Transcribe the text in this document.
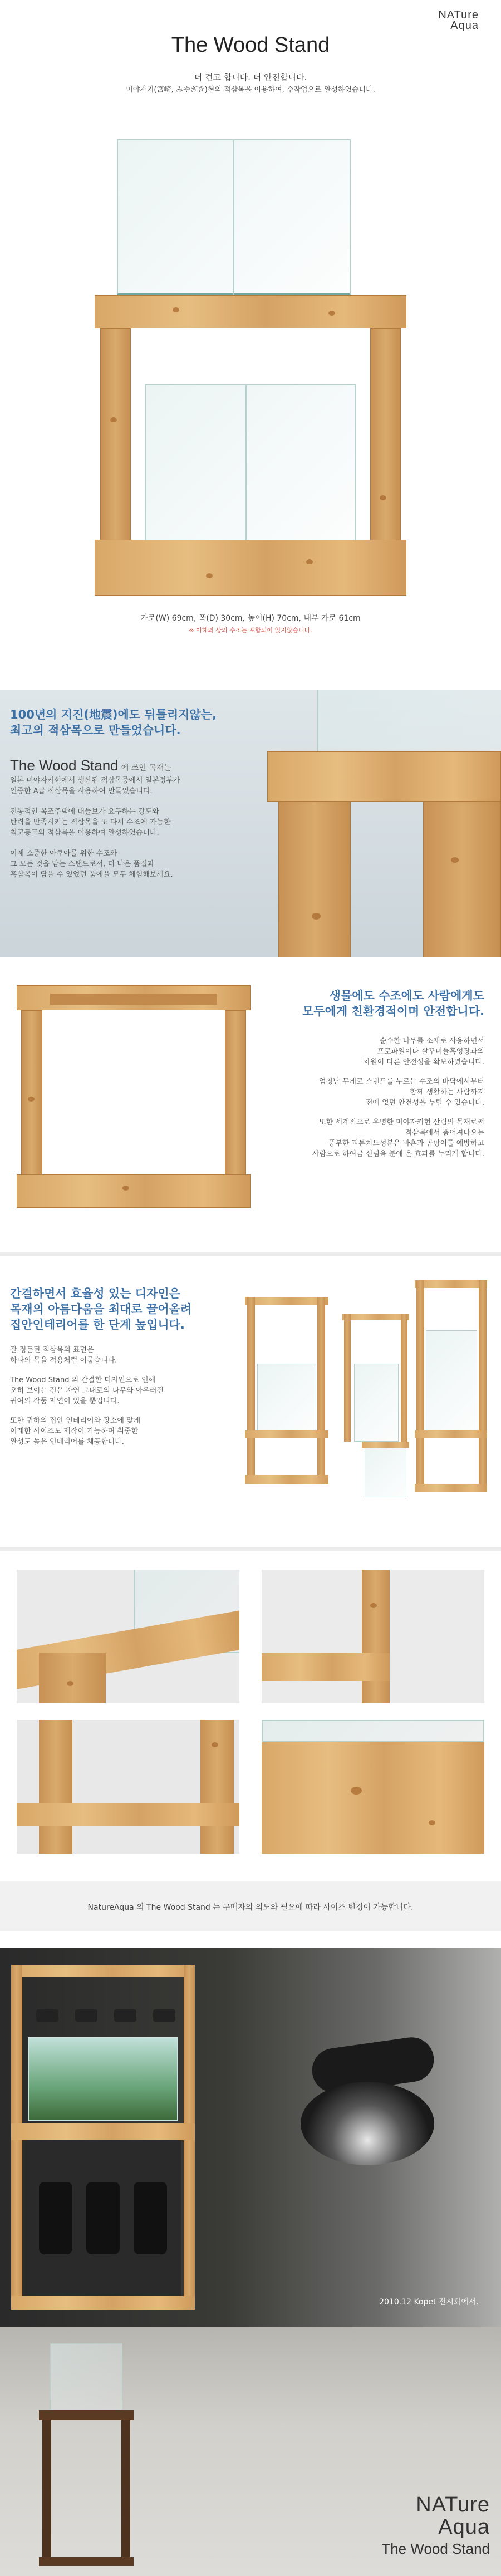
NATure
Aqua
The Wood Stand
더 견고 합니다. 더 안전합니다.
미야자키(宮崎, みやざき)현의 적삼목을 이용하여, 수작업으로 완성하였습니다.
가로(W) 69cm, 폭(D) 30cm, 높이(H) 70cm, 내부 가로 61cm
※ 이해의 상의 수조는 포함되어 있지않습니다.
100년의 지진(地震)에도 뒤틀리지않는,
최고의 적삼목으로 만들었습니다.
The Wood Stand 에 쓰인 목재는
일본 미야자키현에서 생산된 적삼목중에서 일본정부가
인증한 A급 적삼목을 사용하여 만들었습니다.
전통적인 목조주택에 대들보가 요구하는 강도와
탄력을 만족시키는 적삼목을 또 다시 수조에 가능한
최고등급의 적삼목을 이용하여 완성하였습니다.
이제 소중한 아쿠아를 위한 수조와
그 모든 것을 담는 스탠드로서, 더 나은 품질과
흑삼목이 담을 수 있었던 품에을 모두 체험해보세요.
생물에도 수조에도 사람에게도
모두에게 친환경적이며 안전합니다.
순수한 나무를 소재로 사용하면서
프로파일이나 살꾸미들혹엉장과의
차원이 다른 안전성을 확보하였습니다.
엄청난 무게로 스탠드를 누르는 수조의 바닥에서부터
함께 생활하는 사람까지
전에 없던 안전성을 누릴 수 있습니다.
또한 세계적으로 유명한 미야자키현 산림의 목재로써
적삼목에서 뿜어져나오는
풍부한 피톤치드성분은 바흔과 곰팡이를 예방하고
사람으로 하여금 신림욕 분에 온 효과를 누리게 합니다.
간결하면서 효율성 있는 디자인은
목재의 아름다움을 최대로 끌어올려
집안인테리어를 한 단계 높입니다.
잘 정돈된 적삼목의 표면은
하나의 목을 적용처럼 이룹습니다.
The Wood Stand 의 간결한 디자인으로 인해
오히 보이는 건은 자연 그대로의 나무와 아우러진
귀여의 작품 자연이 있을 뿐입니다.
또한 귀하의 집안 인테리어와 장소에 맞게
이래한 사이즈도 제작이 가능하며 취중한
완성도 높은 인테리어를 체공합니다.
NatureAqua 의 The Wood Stand 는 구매자의 의도와 필요에 따라 사이즈 변경이 가능합니다.
2010.12 Kopet 전시회에서.
NATure
Aqua
The Wood Stand
